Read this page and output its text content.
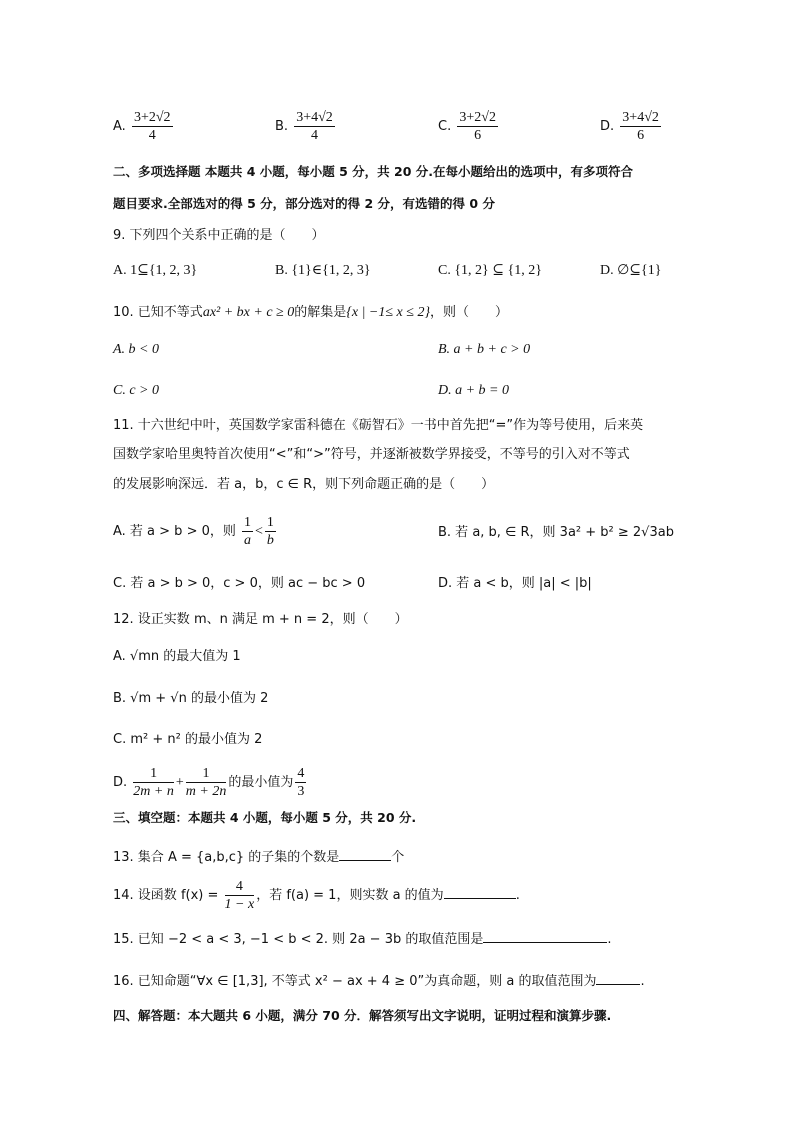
A. $\frac{3+2√2}{4}$	B. $\frac{3+4√2}{4}$	C. $\frac{3+2√2}{6}$	D. $\frac{3+4√2}{6}$
二、多项选择题 本题共 4 小题，每小题 5 分，共 20 分.在每小题给出的选项中，有多项符合
题目要求.全部选对的得 5 分，部分选对的得 2 分，有选错的得 0 分
9. 下列四个关系中正确的是（　　）
A. 1⊆{1, 2, 3}	B. {1}∈{1, 2, 3}	C. {1, 2} ⊆ {1, 2}	D. ∅⊆{1}
10. 已知不等式ax² + bx + c ≥ 0的解集是{x | −1≤ x ≤ 2}，则（　　）
A. b < 0	B. a + b + c > 0
C. c > 0	D. a + b = 0
11. 十六世纪中叶，英国数学家雷科德在《砺智石》一书中首先把“=”作为等号使用，后来英
国数学家哈里奥特首次使用“<”和“>”符号，并逐渐被数学界接受，不等号的引入对不等式
的发展影响深远．若 a，b，c ∈ R，则下列命题正确的是（　　）
A. 若 a > b > 0，则 $\frac{1}{a} < \frac{1}{b}$	B. 若 a, b, ∈ R，则 3a² + b² ≥ 2√3ab
C. 若 a > b > 0，c > 0，则 ac − bc > 0	D. 若 a < b，则 |a| < |b|
12. 设正实数 m、n 满足 m + n = 2，则（　　）
A. √mn 的最大值为 1
B. √m + √n 的最小值为 2
C. m² + n² 的最小值为 2
D. $\frac{1}{2m + n} + \frac{1}{m + 2n}$ 的最小值为 $\frac{4}{3}$
三、填空题：本题共 4 小题，每小题 5 分，共 20 分.
13. 集合 A = {a,b,c} 的子集的个数是	个
14. 设函数 $f(x) = \frac{4}{1 - x}$ ，若 f(a) = 1，则实数 a 的值为	.
15. 已知 −2 < a < 3, −1 < b < 2. 则 2a − 3b 的取值范围是	.
16. 已知命题“∀x ∈ [1,3], 不等式 x² − ax + 4 ≥ 0”为真命题，则 a 的取值范围为	.
四、解答题：本大题共 6 小题，满分 70 分．解答须写出文字说明，证明过程和演算步骤.
